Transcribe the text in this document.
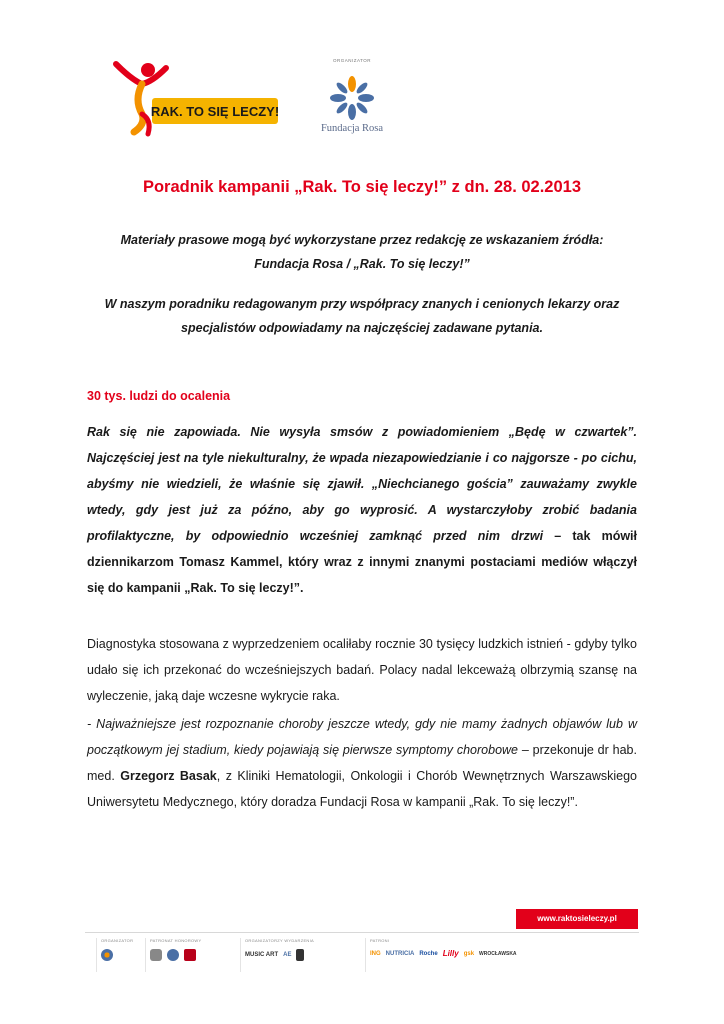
RAK. TO SIĘ LECZY!
ORGANIZATOR
Fundacja Rosa
Poradnik kampanii „Rak. To się leczy!” z dn. 28. 02.2013
Materiały prasowe mogą być wykorzystane przez redakcję ze wskazaniem źródła:
Fundacja Rosa / „Rak. To się leczy!”
W naszym poradniku redagowanym przy współpracy znanych i cenionych lekarzy oraz
specjalistów odpowiadamy na najczęściej zadawane pytania.
30 tys. ludzi do ocalenia
Rak się nie zapowiada. Nie wysyła smsów z powiadomieniem „Będę w czwartek”. Najczęściej jest na tyle niekulturalny, że wpada niezapowiedzianie i co najgorsze - po cichu, abyśmy nie wiedzieli, że właśnie się zjawił. „Niechcianego gościa” zauważamy zwykle wtedy, gdy jest już za późno, aby go wyprosić. A wystarczyłoby zrobić badania profilaktyczne, by odpowiednio wcześniej zamknąć przed nim drzwi – tak mówił dziennikarzom Tomasz Kammel, który wraz z innymi znanymi postaciami mediów włączył się do kampanii „Rak. To się leczy!”.
Diagnostyka stosowana z wyprzedzeniem ocaliłaby rocznie 30 tysięcy ludzkich istnień - gdyby tylko udało się ich przekonać do wcześniejszych badań. Polacy nadal lekceważą olbrzymią szansę na wyleczenie, jaką daje wczesne wykrycie raka.
- Najważniejsze jest rozpoznanie choroby jeszcze wtedy, gdy nie mamy żadnych objawów lub w początkowym jej stadium, kiedy pojawiają się pierwsze symptomy chorobowe – przekonuje dr hab. med. Grzegorz Basak, z Kliniki Hematologii, Onkologii i Chorób Wewnętrznych Warszawskiego Uniwersytetu Medycznego, który doradza Fundacji Rosa w kampanii „Rak. To się leczy!”.
www.raktosieleczy.pl
ORGANIZATOR	PATRONAT HONOROWY	ORGANIZATORZY WYDARZENIA
MUSIC ART AE
PATRONI
ING NUTRICIA Roche Lilly gsk WROCŁAWSKA
